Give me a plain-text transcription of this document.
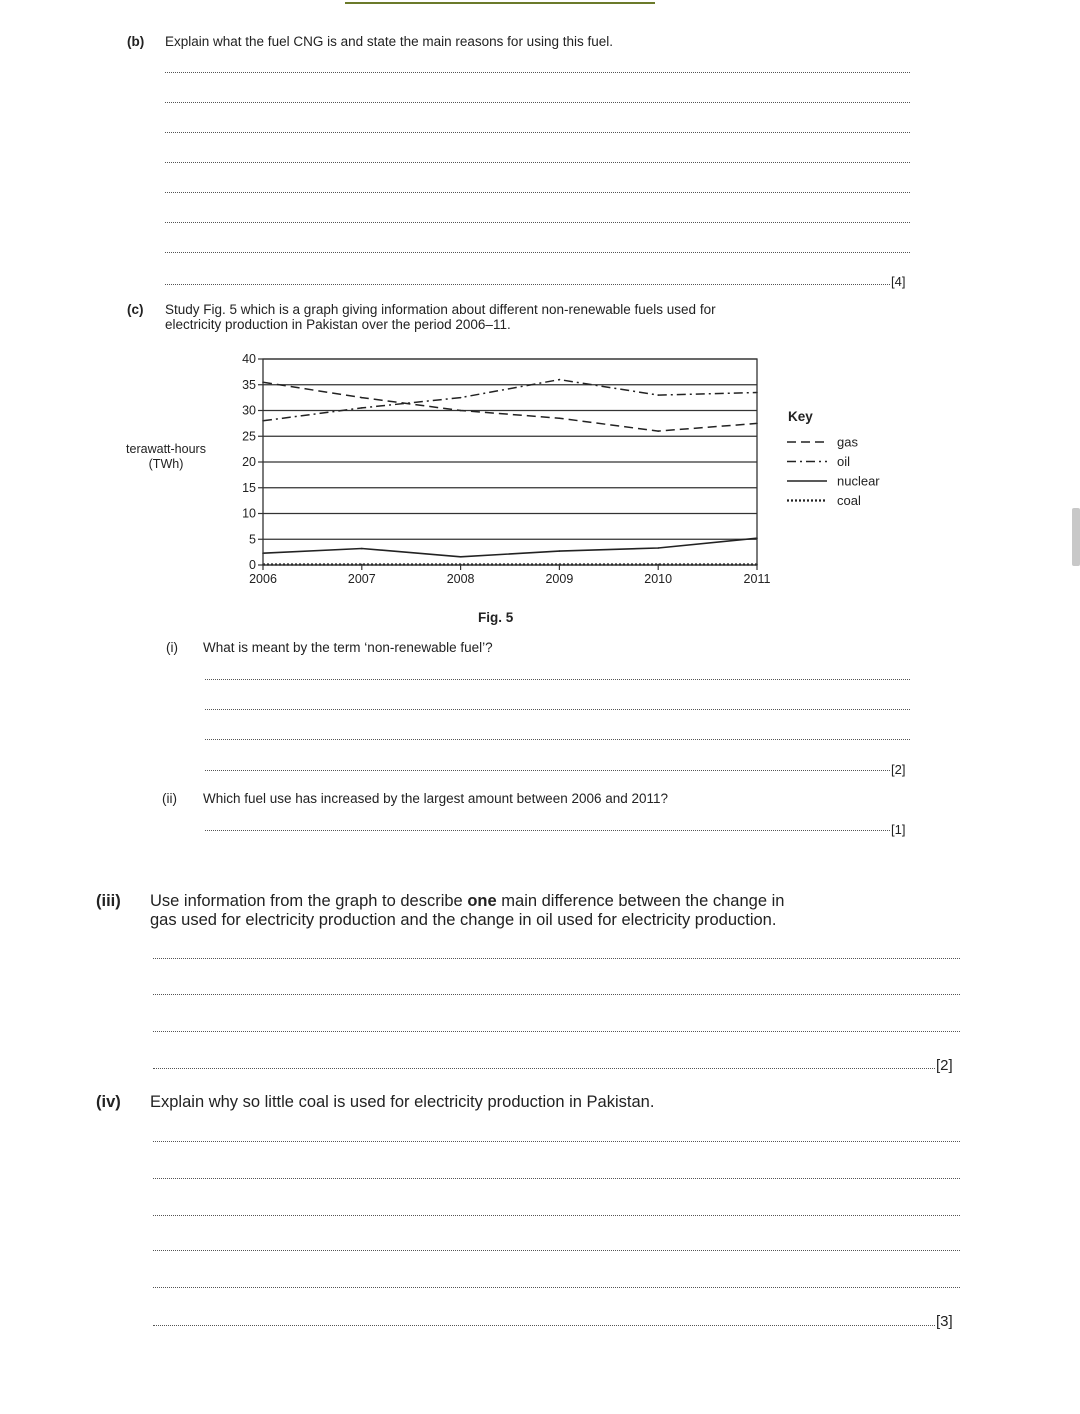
(b) Explain what the fuel CNG is and state the main reasons for using this fuel.
[4]
(c) Study Fig. 5 which is a graph giving information about different non-renewable fuels used for
electricity production in Pakistan over the period 2006–11.
0
5
10
15
20
25
30
35
40
2006	2007	2008	2009	2010	2011
terawatt-hours
(TWh)
gas
oil
nuclear
coal
Key
Fig. 5
(i) What is meant by the term ‘non-renewable fuel’?
[2]
(ii) Which fuel use has increased by the largest amount between 2006 and 2011?
[1]
(iii) Use information from the graph to describe one main difference between the change in
gas used for electricity production and the change in oil used for electricity production.
[2]
(iv) Explain why so little coal is used for electricity production in Pakistan.
[3]
